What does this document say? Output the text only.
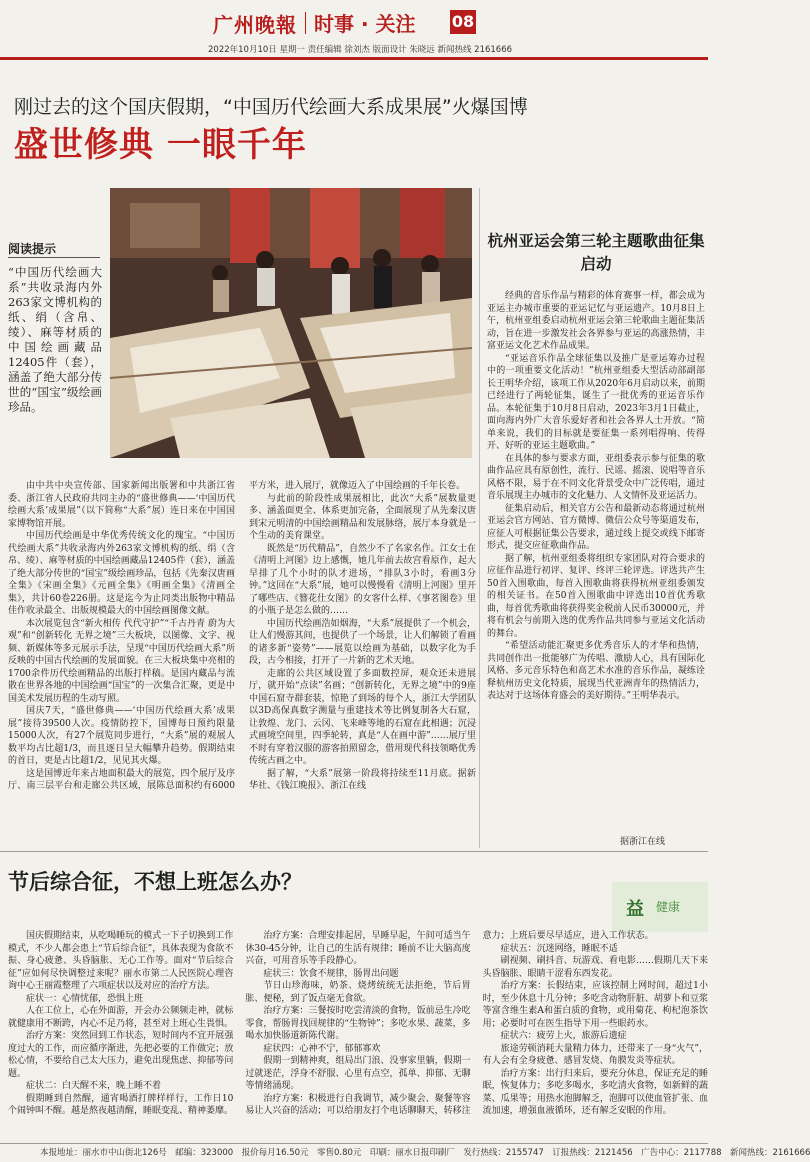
广州晚報 时事 · 关注 08
2022年10月10日 星期一 责任编辑 徐刘杰 版面设计 朱晓远 新闻热线 2161666
刚过去的这个国庆假期，“中国历代绘画大系成果展”火爆国博
盛世修典 一眼千年
阅读提示
“中国历代绘画大系”共收录海内外263家文博机构的纸、绢（含帛、绫）、麻等材质的中国绘画藏品12405件（套），涵盖了绝大部分传世的“国宝”级绘画珍品。

由中共中央宣传部、国家新闻出版署和中共浙江省委、浙江省人民政府共同主办的“盛世修典——‘中国历代绘画大系’成果展”（以下简称“大系”展）连日来在中国国家博物馆开展。

中国历代绘画是中华优秀传统文化的瑰宝。“中国历代绘画大系”共收录海内外263家文博机构的纸、绢（含帛、绫）、麻等材质的中国绘画藏品12405件（套），涵盖了绝大部分传世的“国宝”级绘画珍品，包括《先秦汉唐画全集》《宋画全集》《元画全集》《明画全集》《清画全集》，共计60卷226册。这是迄今为止同类出版物中精品佳作收录最全、出版规模最大的中国绘画图像文献。

本次展览包含“新火相传 代代守护”“千古丹青 蔚为大观”和“创新转化 无界之境”三大板块，以图像、文字、视频、新媒体等多元展示手法，呈现“中国历代绘画大系”所反映的中国古代绘画的发展面貌。在三大板块集中亮相的1700余件历代绘画精品的出版打样稿。是国内藏品与流散在世界各地的中国绘画“国宝”的一次集合汇聚，更是中国美术发展历程的生动写照。

国庆7天，“盛世修典——‘中国历代绘画大系’成果展”接待39500人次。疫情防控下，国博每日预约限量15000人次，有27个展览同步进行，“大系”展的观展人数平均占比超1/3，而且逐日呈大幅攀升趋势。假期结束的首日，更是占比超1/2，见见其火爆。

这是国博近年来占地面积最大的展览，四个展厅及序厅、南三层平台和走廊公共区域，展陈总面积约有6000平方米，进入展厅，就像迈入了中国绘画的千年长卷。

与此前的阶段性成果展相比，此次“大系”展数量更多、涵盖面更全、体系更加完备，全面展现了从先秦汉唐到宋元明清的中国绘画精品和发展脉络，展厅本身就是一个生动的美育课堂。

既然是“历代精品”，自然少不了名家名作。江女士在《清明上河图》边上感慨，她几年前去故宫看原作，起大早排了几个小时的队才进场，“排队3小时，看画3分钟。”这回在“大系”展，她可以慢慢看《清明上河图》里开了哪些店、《簪花仕女图》的女客什么样、《事茗图卷》里的小瓶子是怎么做的……

中国历代绘画浩如烟海，“大系”展提供了一个机会，让人们慢游其间，也提供了一个场景，让人们解锁了看画的诸多新“姿势”——展览以绘画为基础，以数字化为手段，古今相接，打开了一片新的艺术天地。

走廊的公共区域设置了多面数控屏，观众还未进展厅，就开始“点读”名画；“创新转化，无界之境”中的9座中国石窟寺群套装，惊艳了到场的每个人，浙江大学团队以3D高保真数字测量与重建技术等比例复制各大石窟，让敦煌、龙门、云冈、飞来峰等地的石窟在此相遇；沉浸式画境空间里，四季轮转，真是“人在画中游”……展厅里不时有穿着汉服的游客拍照留念，借用现代科技领略优秀传统古画之中。

据了解，“大系”展第一阶段将持续至11月底。据新华社、《钱江晚报》、浙江在线

杭州亚运会第三轮主题歌曲征集启动

经典的音乐作品与精彩的体育赛事一样，都会成为亚运主办城市重要的亚运记忆与亚运遗产。10月8日上午，杭州亚组委启动杭州亚运会第三轮歌曲主题征集活动，旨在进一步激发社会各界参与亚运的高涨热情，丰富亚运文化艺术作品成果。

“亚运音乐作品全球征集以及推广是亚运筹办过程中的一项重要文化活动！”杭州亚组委大型活动部副部长王明华介绍，该项工作从2020年6月启动以来，前期已经进行了两轮征集，诞生了一批优秀的亚运音乐作品。本轮征集于10月8日启动，2023年3月1日截止，面向海内外广大音乐爱好者和社会各界人士开放。“简单来说，我们的目标就是要征集一系列唱得响、传得开、好听的亚运主题歌曲。”

在具体的参与要求方面，亚组委表示参与征集的歌曲作品应具有原创性，流行、民谣、摇滚、说唱等音乐风格不限，易于在不同文化背景受众中广泛传唱，通过音乐展现主办城市的文化魅力、人文情怀及亚运活力。

征集启动后，相关官方公告和最新动态将通过杭州亚运会官方网站、官方微博、微信公众号等渠道发布，应征人可根据征集公告要求，通过线上提交或线下邮寄形式，提交应征歌曲作品。

据了解，杭州亚组委将组织专家团队对符合要求的应征作品进行初评、复评、终评三轮评选。评选共产生50首入围歌曲，每首入围歌曲将获得杭州亚组委颁发的相关证书。在50首入围歌曲中评选出10首优秀歌曲，每首优秀歌曲将获得奖金税前人民币30000元，并将有机会与前期入选的优秀作品共同参与亚运文化活动的舞台。

“希望活动能汇聚更多优秀音乐人的才华和热情，共同创作出一批能够广为传唱、激励人心，具有国际化风格、多元音乐特色和高艺术水准的音乐作品，凝练诠释杭州历史文化特质，展现当代亚洲青年的热情活力，表达对于这场体育盛会的美好期待。”王明华表示。

据浙江在线
节后综合征，不想上班怎么办？
益 健康

国庆假期结束，从吃喝睡玩的模式一下子切换到工作模式，不少人都会患上“节后综合征”，具体表现为食欲不振、身心疲惫、头昏脑胀、无心工作等。面对“节后综合征”应如何尽快调整过来呢？丽水市第二人民医院心理咨询中心王丽霞整理了六项症状以及对应的治疗方法。

症状一：心情忧郁，恐惧上班

人在工位上，心在外面游，开会办公频频走神，就标就健康用不断跨，内心不足乃将，甚至对上班心生畏惧。

治疗方案：突然回到工作状态，短时间内不宜开展强度过大的工作，而应循序渐进，先把必要的工作做完；放松心情，不要给自己太大压力，避免出现焦虑、抑郁等问题。

症状二：白天醒不来，晚上睡不着

假期睡到自然醒，通宵喝酒打牌样样行，工作日10个闹钟叫不醒。越是熬夜越清醒，睡眠变乱、精神萎靡。

治疗方案：合理安排起居，早睡早起，午间可适当午休30-45分钟，让自己的生活有规律；睡前不让大脑高度兴奋，可用音乐等手段静心。

症状三：饮食不规律，肠胃出问题

节日山珍海味，奶茶、烧烤统统无法拒绝，节后胃胀、便秘，到了饭点毫无食欲。

治疗方案：三餐按时吃尝清淡的食物，饭前忌生冷吃零食，帮肠胃找回规律的“生物钟”；多吃水果、蔬菜，多喝水加快肠道新陈代谢。

症状四：心神不宁，郁郁寡欢

假期一到精神爽，组局出门浪、没事家里躺，假期一过就迷茫，浮身不舒服、心里有点空，孤单、抑郁、无聊等情绪涌现。

治疗方案：积极进行自我调节，减少聚会、聚餐等容易让人兴奋的活动；可以给朋友打个电话聊聊天，转移注意力；上班后要尽早适应，进入工作状态。

症状五：沉迷网络，睡眠不适

刷视频、刷抖音、玩游戏、看电影……假期几天下来头昏脑胀、眼睛干涩看东西发花。

治疗方案：长假结束，应该控制上网时间，超过1小时，至少休息十几分钟；多吃含动物肝脏、胡萝卜和豆浆等富含维生素A和蛋白质的食物，或用菊花、枸杞泡茶饮用；必要时可在医生指导下用一些眼药水。

症状六：疲劳上火，旅游后遗症

旅途劳顿消耗大量精力体力，还带来了一身“火气”，有人会有全身疲惫、感冒发烧、角膜发炎等症状。

治疗方案：出行归来后，要充分休息，保证充足的睡眠，恢复体力；多吃多喝水，多吃清火食物，如新鲜的蔬菜、瓜果等；用热水泡脚解乏，泡脚可以使血管扩张、血流加速，增强血液循环，还有解乏安眠的作用。

本报地址：丽水市中山街北126号　邮编：323000　报价每月16.50元　零售0.80元　印刷：丽水日报印刷厂　发行热线：2155747　订报热线：2121456　广告中心：2117788　新闻热线：2161666
